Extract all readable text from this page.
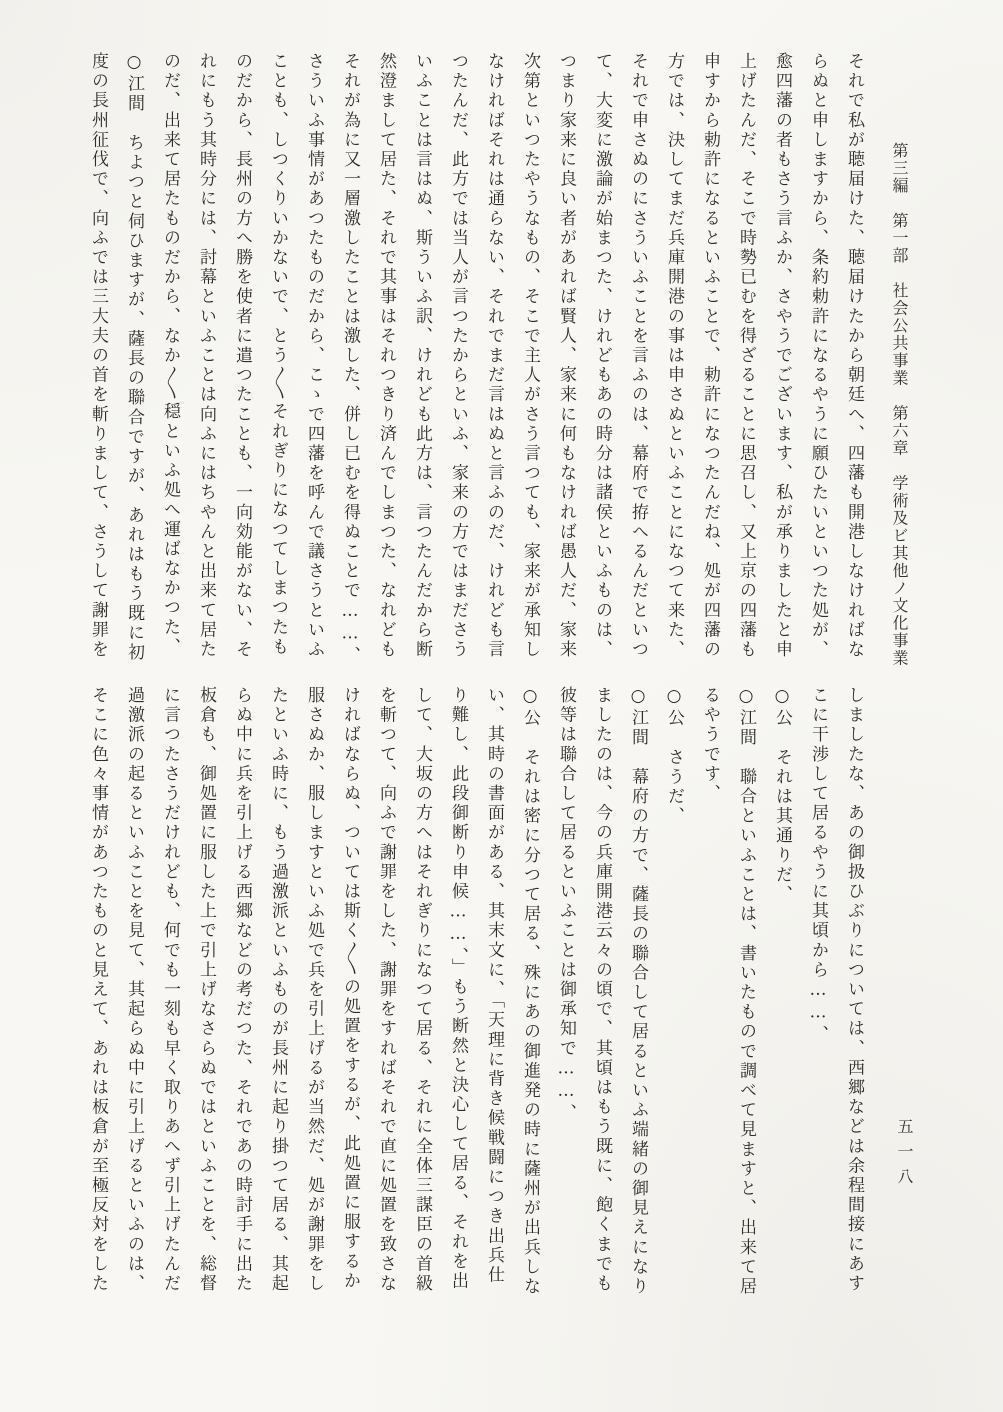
第三編　第一部　社会公共事業　第六章　学術及ビ其他ノ文化事業
それで私が聴届けた、聴届けたから朝廷へ、四藩も開港しなければな
らぬと申しますから、条約勅許になるやうに願ひたいといつた処が、
愈四藩の者もさう言ふか、さやうでございます、私が承りましたと申
上げたんだ、そこで時勢已むを得ざることに思召し、又上京の四藩も
申すから勅許になるといふことで、勅許になつたんだね、処が四藩の
方では、決してまだ兵庫開港の事は申さぬといふことになつて来た、
それで申さぬのにさういふことを言ふのは、幕府で拵へるんだといつ
て、大変に激論が始まつた、けれどもあの時分は諸侯といふものは、
つまり家来に良い者があれば賢人、家来に何もなければ愚人だ、家来
次第といつたやうなもの、そこで主人がさう言つても、家来が承知し
なければそれは通らない、それでまだ言はぬと言ふのだ、けれども言
つたんだ、此方では当人が言つたからといふ、家来の方ではまださう
いふことは言はぬ、斯ういふ訳、けれども此方は、言つたんだから断
然澄まして居た、それで其事はそれつきり済んでしまつた、なれども
それが為に又一層激したことは激した、併し已むを得ぬことで……、
さういふ事情があつたものだから、こゝで四藩を呼んで議さうといふ
ことも、しつくりいかないで、とう〱それぎりになつてしまつたも
のだから、長州の方へ勝を使者に遣つたことも、一向効能がない、そ
れにもう其時分には、討幕といふことは向ふにはちやんと出来て居た
のだ、出来て居たものだから、なか〱穏といふ処へ運ばなかつた、
○江間　ちよつと伺ひますが、薩長の聯合ですが、あれはもう既に初
度の長州征伐で、向ふでは三大夫の首を斬りまして、さうして謝罪を
しましたな、あの御扱ひぶりについては、西郷などは余程間接にあす
こに干渉して居るやうに其頃から……、
○公　それは其通りだ、
○江間　聯合といふことは、書いたもので調べて見ますと、出来て居
るやうです、
○公　さうだ、
○江間　幕府の方で、薩長の聯合して居るといふ端緒の御見えになり
ましたのは、今の兵庫開港云々の頃で、其頃はもう既に、飽くまでも
彼等は聯合して居るといふことは御承知で……、
○公　それは密に分つて居る、殊にあの御進発の時に薩州が出兵しな
い、其時の書面がある、其末文に、「天理に背き候戦闘につき出兵仕
り難し、此段御断り申候……、」もう断然と決心して居る、それを出
して、大坂の方へはそれぎりになつて居る、それに全体三謀臣の首級
を斬つて、向ふで謝罪をした、謝罪をすればそれで直に処置を致さな
ければならぬ、ついては斯く〱の処置をするが、此処置に服するか
服さぬか、服しますといふ処で兵を引上げるが当然だ、処が謝罪をし
たといふ時に、もう過激派といふものが長州に起り掛つて居る、其起
らぬ中に兵を引上げる西郷などの考だつた、それであの時討手に出た
板倉も、御処置に服した上で引上げなさらぬではといふことを、総督
に言つたさうだけれども、何でも一刻も早く取りあへず引上げたんだ
過激派の起るといふことを見て、其起らぬ中に引上げるといふのは、
そこに色々事情があつたものと見えて、あれは板倉が至極反対をした	五一八
